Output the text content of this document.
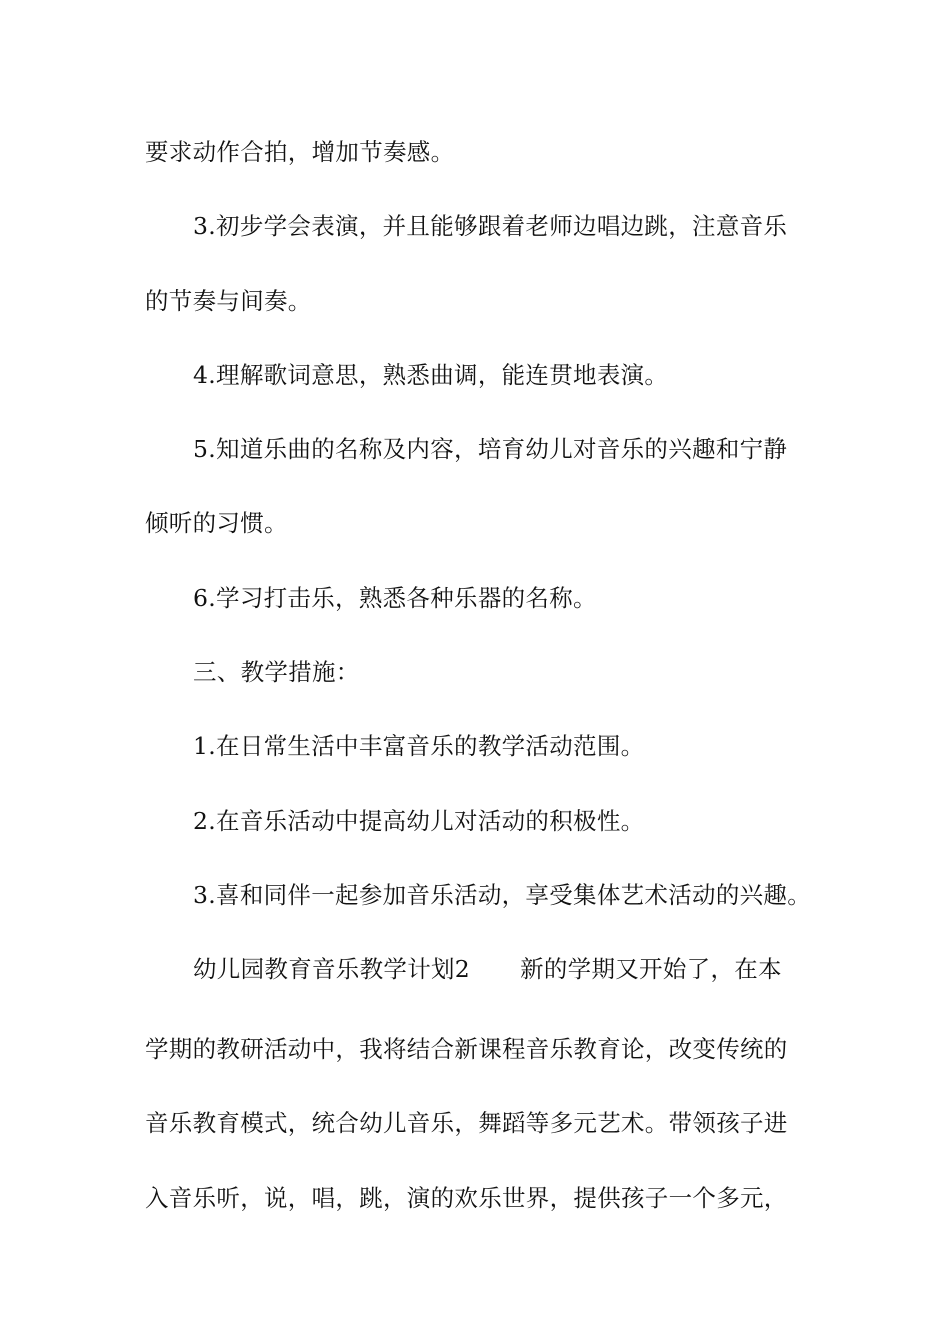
要求动作合拍，增加节奏感。
3.初步学会表演，并且能够跟着老师边唱边跳，注意音乐
的节奏与间奏。
4.理解歌词意思，熟悉曲调，能连贯地表演。
5.知道乐曲的名称及内容，培育幼儿对音乐的兴趣和宁静
倾听的习惯。
6.学习打击乐，熟悉各种乐器的名称。
三、教学措施：
1.在日常生活中丰富音乐的教学活动范围。
2.在音乐活动中提高幼儿对活动的积极性。
3.喜和同伴一起参加音乐活动，享受集体艺术活动的兴趣。
幼儿园教育音乐教学计划2 新的学期又开始了，在本
学期的教研活动中，我将结合新课程音乐教育论，改变传统的
音乐教育模式，统合幼儿音乐，舞蹈等多元艺术。带领孩子进
入音乐听，说，唱，跳，演的欢乐世界，提供孩子一个多元，
